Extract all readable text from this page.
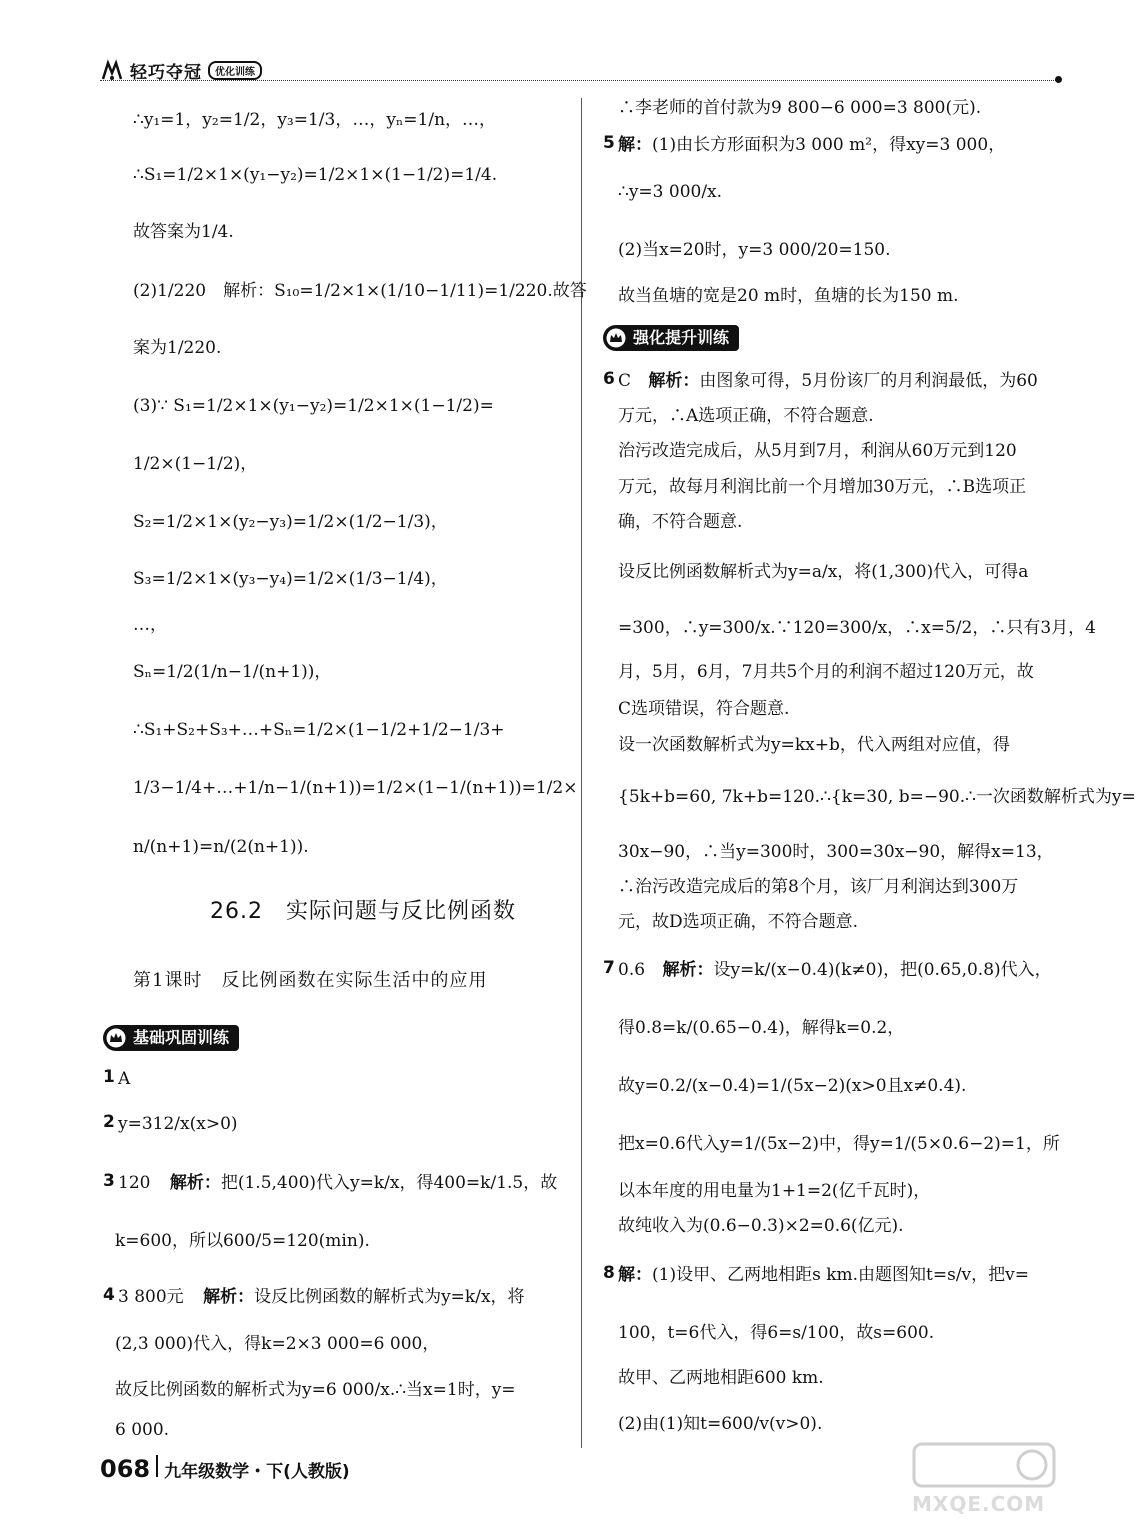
轻巧夺冠	优化训练
∴y₁=1，y₂=1/2，y₃=1/3，…，yₙ=1/n，…，
∴S₁=1/2×1×(y₁−y₂)=1/2×1×(1−1/2)=1/4.
故答案为1/4.
(2)1/220　解析：S₁₀=1/2×1×(1/10−1/11)=1/220.故答
案为1/220.
(3)∵ S₁=1/2×1×(y₁−y₂)=1/2×1×(1−1/2)=
1/2×(1−1/2)，
S₂=1/2×1×(y₂−y₃)=1/2×(1/2−1/3)，
S₃=1/2×1×(y₃−y₄)=1/2×(1/3−1/4)，
…，
Sₙ=1/2(1/n−1/(n+1))，
∴S₁+S₂+S₃+…+Sₙ=1/2×(1−1/2+1/2−1/3+
1/3−1/4+…+1/n−1/(n+1))=1/2×(1−1/(n+1))=1/2×
n/(n+1)=n/(2(n+1)).
26.2　实际问题与反比例函数
第1课时　反比例函数在实际生活中的应用
基础巩固训练
1 A
2 y=312/x(x>0)
3 120 解析：把(1.5,400)代入y=k/x，得400=k/1.5，故
k=600，所以600/5=120(min).
4 3 800元 解析：设反比例函数的解析式为y=k/x，将
(2,3 000)代入，得k=2×3 000=6 000，
故反比例函数的解析式为y=6 000/x.∴当x=1时，y=
6 000.
∴李老师的首付款为9 800−6 000=3 800(元).
5 解：(1)由长方形面积为3 000 m²，得xy=3 000，
∴y=3 000/x.
(2)当x=20时，y=3 000/20=150.
故当鱼塘的宽是20 m时，鱼塘的长为150 m.
强化提升训练
6 C 解析：由图象可得，5月份该厂的月利润最低，为60
万元，∴A选项正确，不符合题意.
治污改造完成后，从5月到7月，利润从60万元到120
万元，故每月利润比前一个月增加30万元，∴B选项正
确，不符合题意.
设反比例函数解析式为y=a/x，将(1,300)代入，可得a
=300，∴y=300/x.∵120=300/x，∴x=5/2，∴只有3月，4
月，5月，6月，7月共5个月的利润不超过120万元，故
C选项错误，符合题意.
设一次函数解析式为y=kx+b，代入两组对应值，得
{5k+b=60, 7k+b=120.∴{k=30, b=−90.∴一次函数解析式为y=
30x−90，∴当y=300时，300=30x−90，解得x=13，
∴治污改造完成后的第8个月，该厂月利润达到300万
元，故D选项正确，不符合题意.
7 0.6 解析：设y=k/(x−0.4)(k≠0)，把(0.65,0.8)代入，
得0.8=k/(0.65−0.4)，解得k=0.2，
故y=0.2/(x−0.4)=1/(5x−2)(x>0且x≠0.4).
把x=0.6代入y=1/(5x−2)中，得y=1/(5×0.6−2)=1，所
以本年度的用电量为1+1=2(亿千瓦时)，
故纯收入为(0.6−0.3)×2=0.6(亿元).
8 解：(1)设甲、乙两地相距s km.由题图知t=s/v，把v=
100，t=6代入，得6=s/100，故s=600.
故甲、乙两地相距600 km.
(2)由(1)知t=600/v(v>0).
068 九年级数学・下(人教版)
MXQE.COM
